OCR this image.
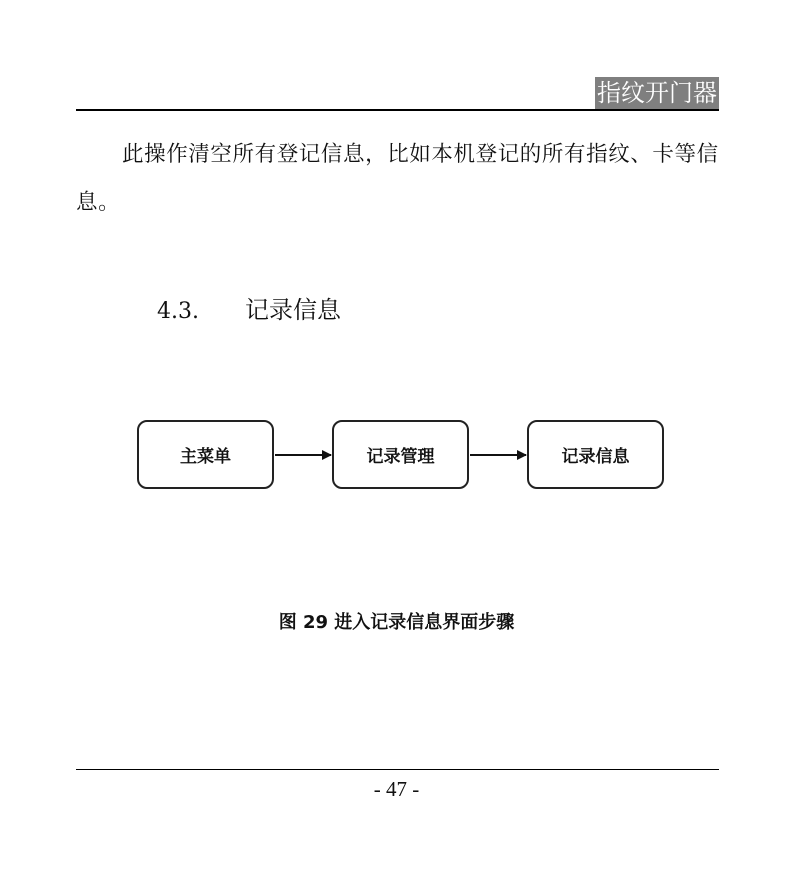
指纹开门器

此操作清空所有登记信息，比如本机登记的所有指纹、卡等信息。

4.3. 记录信息
主菜单	记录管理	记录信息
图 29 进入记录信息界面步骤
- 47 -
